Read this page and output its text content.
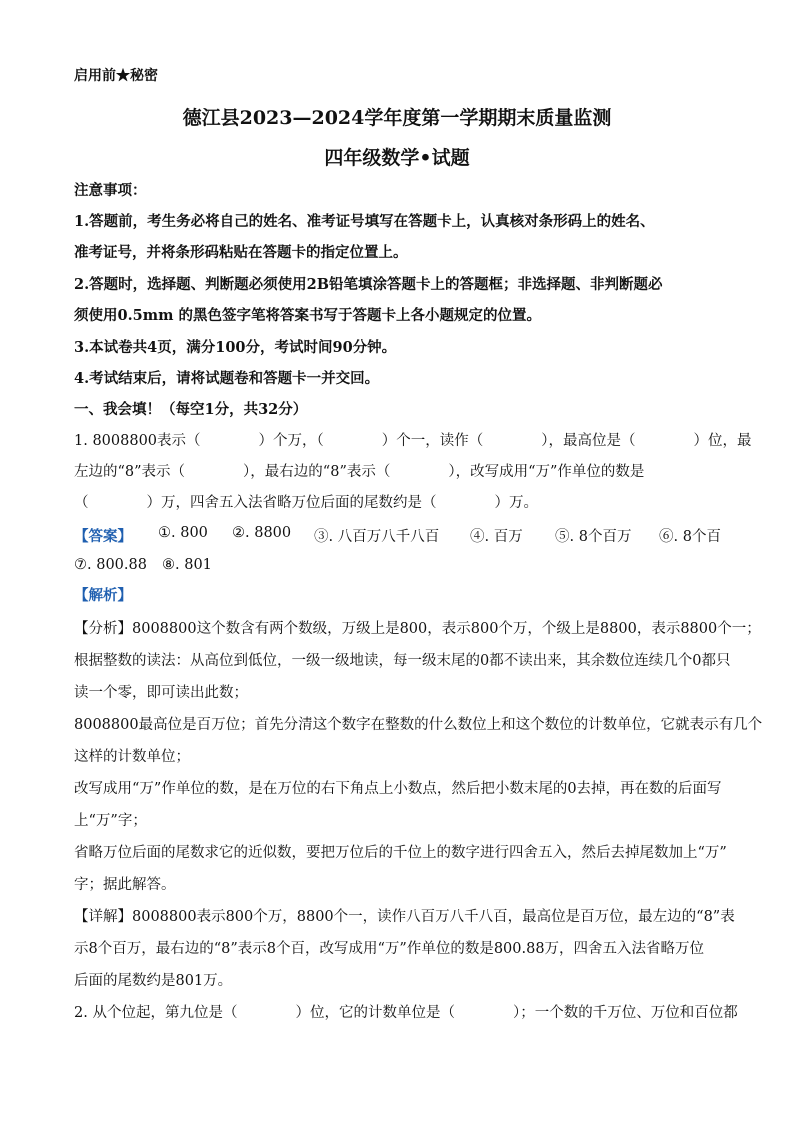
启用前★秘密
德江县2023—2024学年度第一学期期末质量监测
四年级数学•试题
注意事项：
1.答题前，考生务必将自己的姓名、准考证号填写在答题卡上，认真核对条形码上的姓名、
准考证号，并将条形码粘贴在答题卡的指定位置上。
2.答题时，选择题、判断题必须使用2B铅笔填涂答题卡上的答题框；非选择题、非判断题必
须使用0.5mm 的黑色签字笔将答案书写于答题卡上各小题规定的位置。
3.本试卷共4页，满分100分，考试时间90分钟。
4.考试结束后，请将试题卷和答题卡一并交回。
一、我会填！（每空1分，共32分）
1. 8008800表示（　　　　）个万，（　　　　）个一，读作（　　　　），最高位是（　　　　）位，最
左边的“8”表示（　　　　），最右边的“8”表示（　　　　），改写成用“万”作单位的数是
（　　　　）万，四舍五入法省略万位后面的尾数约是（　　　　）万。
【答案】 ①. 800 ②. 8800 ③. 八百万八千八百 ④. 百万 ⑤. 8个百万 ⑥. 8个百
⑦. 800.88 ⑧. 801
【解析】
【分析】8008800这个数含有两个数级，万级上是800，表示800个万，个级上是8800，表示8800个一；
根据整数的读法：从高位到低位，一级一级地读，每一级末尾的0都不读出来，其余数位连续几个0都只
读一个零，即可读出此数；
8008800最高位是百万位；首先分清这个数字在整数的什么数位上和这个数位的计数单位，它就表示有几个
这样的计数单位；
改写成用“万”作单位的数，是在万位的右下角点上小数点，然后把小数末尾的0去掉，再在数的后面写
上“万”字；
省略万位后面的尾数求它的近似数，要把万位后的千位上的数字进行四舍五入，然后去掉尾数加上“万”
字；据此解答。
【详解】8008800表示800个万，8800个一，读作八百万八千八百，最高位是百万位，最左边的“8”表
示8个百万，最右边的“8”表示8个百，改写成用“万”作单位的数是800.88万，四舍五入法省略万位
后面的尾数约是801万。
2. 从个位起，第九位是（　　　　）位，它的计数单位是（　　　　）；一个数的千万位、万位和百位都
